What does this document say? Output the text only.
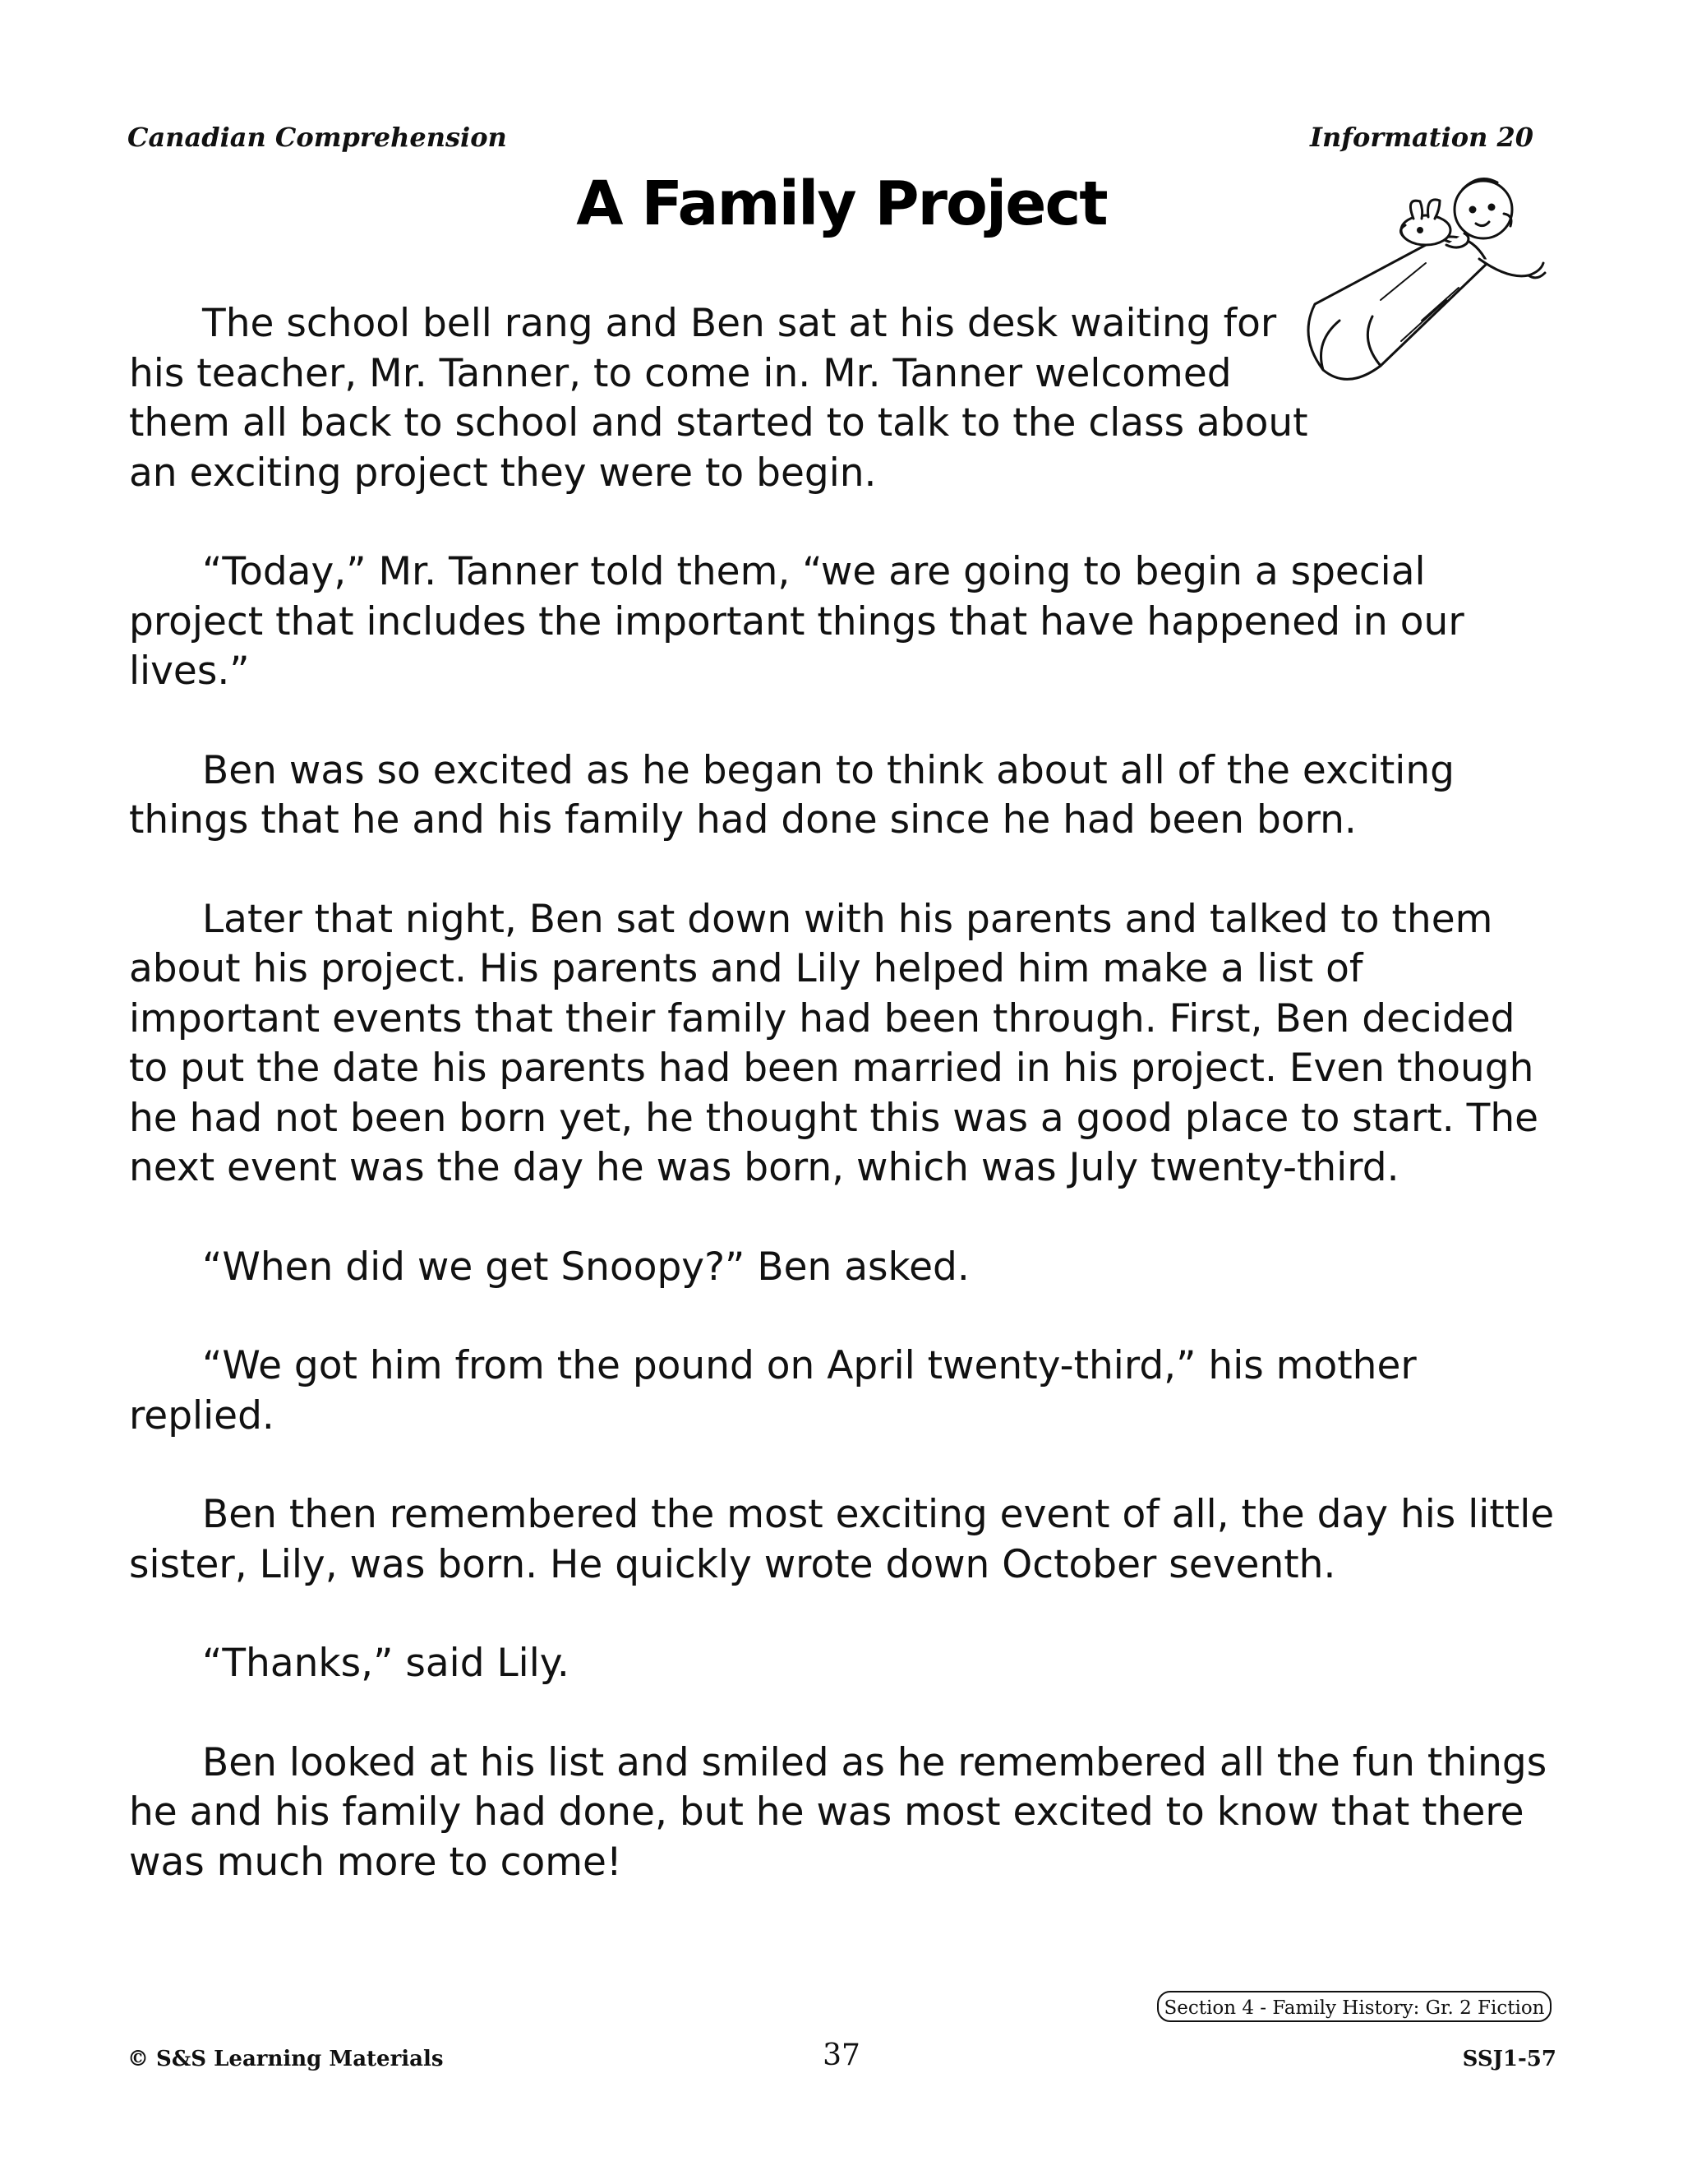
Canadian Comprehension	Information 20
A Family Project

The school bell rang and Ben sat at his desk waiting for his teacher, Mr. Tanner, to come in. Mr. Tanner welcomed them all back to school and started to talk to the class about an exciting project they were to begin.

“Today,” Mr. Tanner told them, “we are going to begin a special project that includes the important things that have happened in our lives.”

Ben was so excited as he began to think about all of the exciting things that he and his family had done since he had been born.

Later that night, Ben sat down with his parents and talked to them about his project. His parents and Lily helped him make a list of important events that their family had been through. First, Ben decided to put the date his parents had been married in his project. Even though he had not been born yet, he thought this was a good place to start. The next event was the day he was born, which was July twenty-third.

“When did we get Snoopy?” Ben asked.

“We got him from the pound on April twenty-third,” his mother replied.

Ben then remembered the most exciting event of all, the day his little sister, Lily, was born. He quickly wrote down October seventh.

“Thanks,” said Lily.

Ben looked at his list and smiled as he remembered all the fun things he and his family had done, but he was most excited to know that there was much more to come!

Section 4 - Family History: Gr. 2 Fiction
© S&S Learning Materials	37	SSJ1-57
